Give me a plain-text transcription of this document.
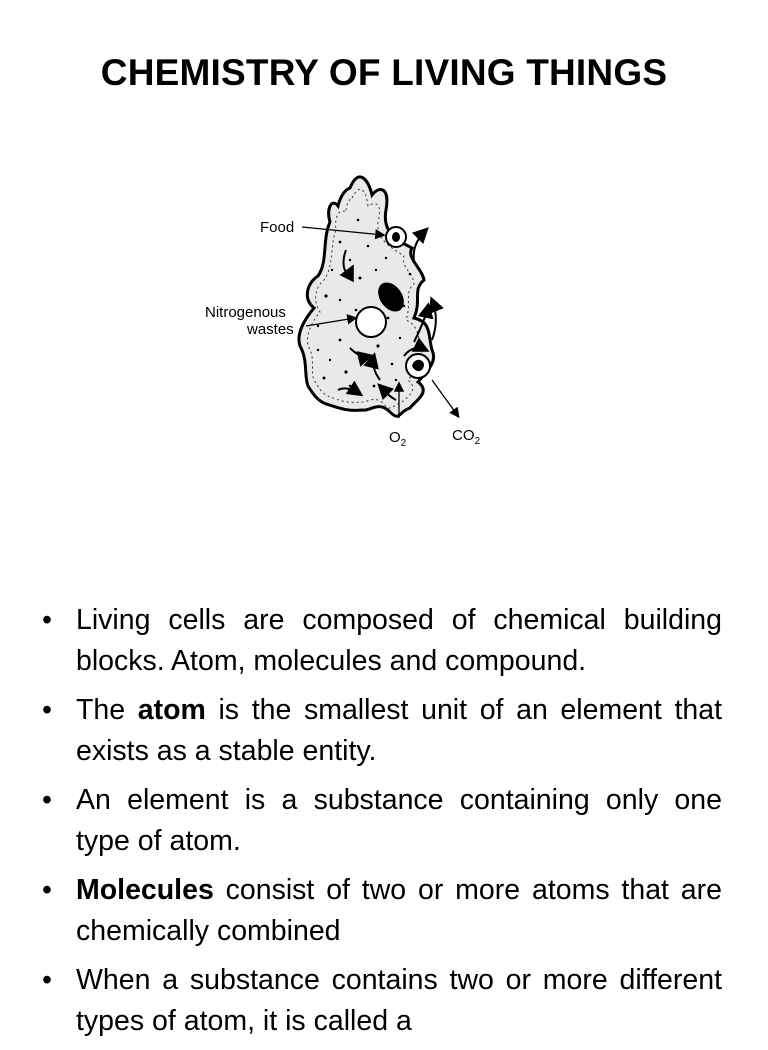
CHEMISTRY OF LIVING THINGS
Food
Nitrogenous
wastes
$O_2$	$CO_2$
• Living cells are composed of chemical building blocks. Atom, molecules and compound.
• The atom is the smallest unit of an element that exists as a stable entity.
• An element is a substance containing only one type of atom.
• Molecules consist of two or more atoms that are chemically combined
• When a substance contains two or more different types of atom, it is called a
